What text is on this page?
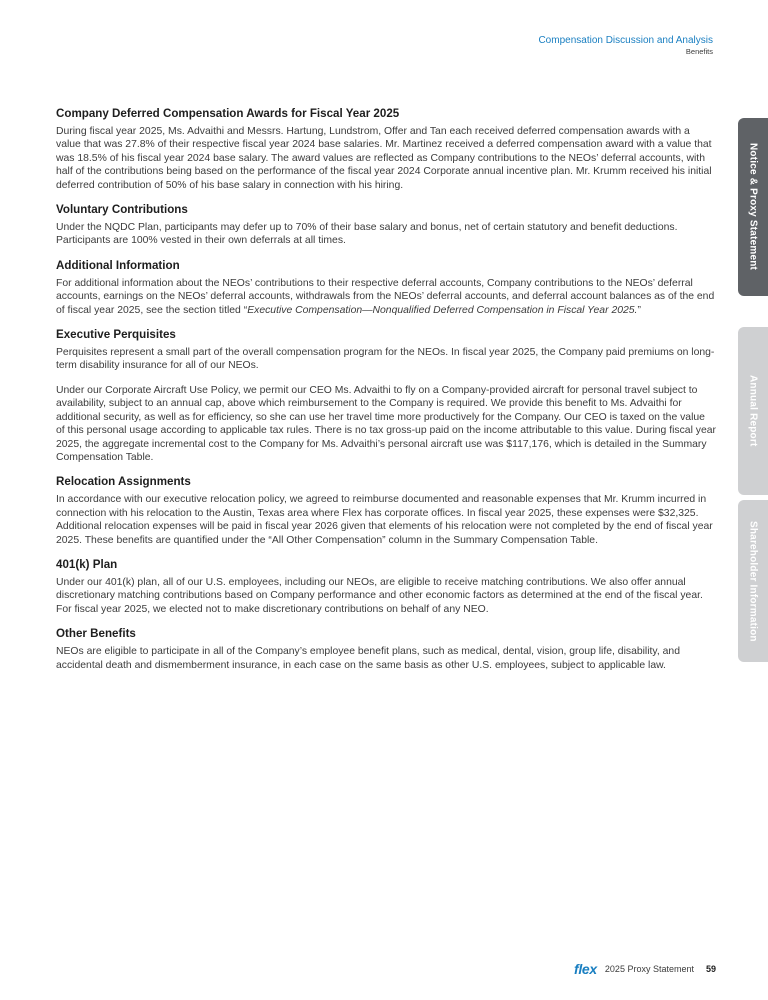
Compensation Discussion and Analysis
Benefits
Company Deferred Compensation Awards for Fiscal Year 2025

During fiscal year 2025, Ms. Advaithi and Messrs. Hartung, Lundstrom, Offer and Tan each received deferred compensation awards with a value that was 27.8% of their respective fiscal year 2024 base salaries. Mr. Martinez received a deferred compensation award with a value that was 18.5% of his fiscal year 2024 base salary. The award values are reflected as Company contributions to the NEOs’ deferral accounts, with half of the contributions being based on the performance of the fiscal year 2024 Corporate annual incentive plan. Mr. Krumm received his initial deferred contribution of 50% of his base salary in connection with his hiring.

Voluntary Contributions

Under the NQDC Plan, participants may defer up to 70% of their base salary and bonus, net of certain statutory and benefit deductions. Participants are 100% vested in their own deferrals at all times.

Additional Information

For additional information about the NEOs’ contributions to their respective deferral accounts, Company contributions to the NEOs’ deferral accounts, earnings on the NEOs’ deferral accounts, withdrawals from the NEOs’ deferral accounts, and deferral account balances as of the end of fiscal year 2025, see the section titled “Executive Compensation—Nonqualified Deferred Compensation in Fiscal Year 2025.”

Executive Perquisites

Perquisites represent a small part of the overall compensation program for the NEOs. In fiscal year 2025, the Company paid premiums on long-term disability insurance for all of our NEOs.

Under our Corporate Aircraft Use Policy, we permit our CEO Ms. Advaithi to fly on a Company-provided aircraft for personal travel subject to availability, subject to an annual cap, above which reimbursement to the Company is required. We provide this benefit to Ms. Advaithi for additional security, as well as for efficiency, so she can use her travel time more productively for the Company. Our CEO is taxed on the value of this personal usage according to applicable tax rules. There is no tax gross-up paid on the income attributable to this value. During fiscal year 2025, the aggregate incremental cost to the Company for Ms. Advaithi’s personal aircraft use was $117,176, which is detailed in the Summary Compensation Table.

Relocation Assignments

In accordance with our executive relocation policy, we agreed to reimburse documented and reasonable expenses that Mr. Krumm incurred in connection with his relocation to the Austin, Texas area where Flex has corporate offices. In fiscal year 2025, these expenses were $32,325. Additional relocation expenses will be paid in fiscal year 2026 given that elements of his relocation were not completed by the end of fiscal year 2025. These benefits are quantified under the “All Other Compensation” column in the Summary Compensation Table.

401(k) Plan

Under our 401(k) plan, all of our U.S. employees, including our NEOs, are eligible to receive matching contributions. We also offer annual discretionary matching contributions based on Company performance and other economic factors as determined at the end of the fiscal year. For fiscal year 2025, we elected not to make discretionary contributions on behalf of any NEO.

Other Benefits

NEOs are eligible to participate in all of the Company’s employee benefit plans, such as medical, dental, vision, group life, disability, and accidental death and dismemberment insurance, in each case on the same basis as other U.S. employees, subject to applicable law.

Notice & Proxy Statement
Annual Report
Shareholder Information
flex 2025 Proxy Statement 59
